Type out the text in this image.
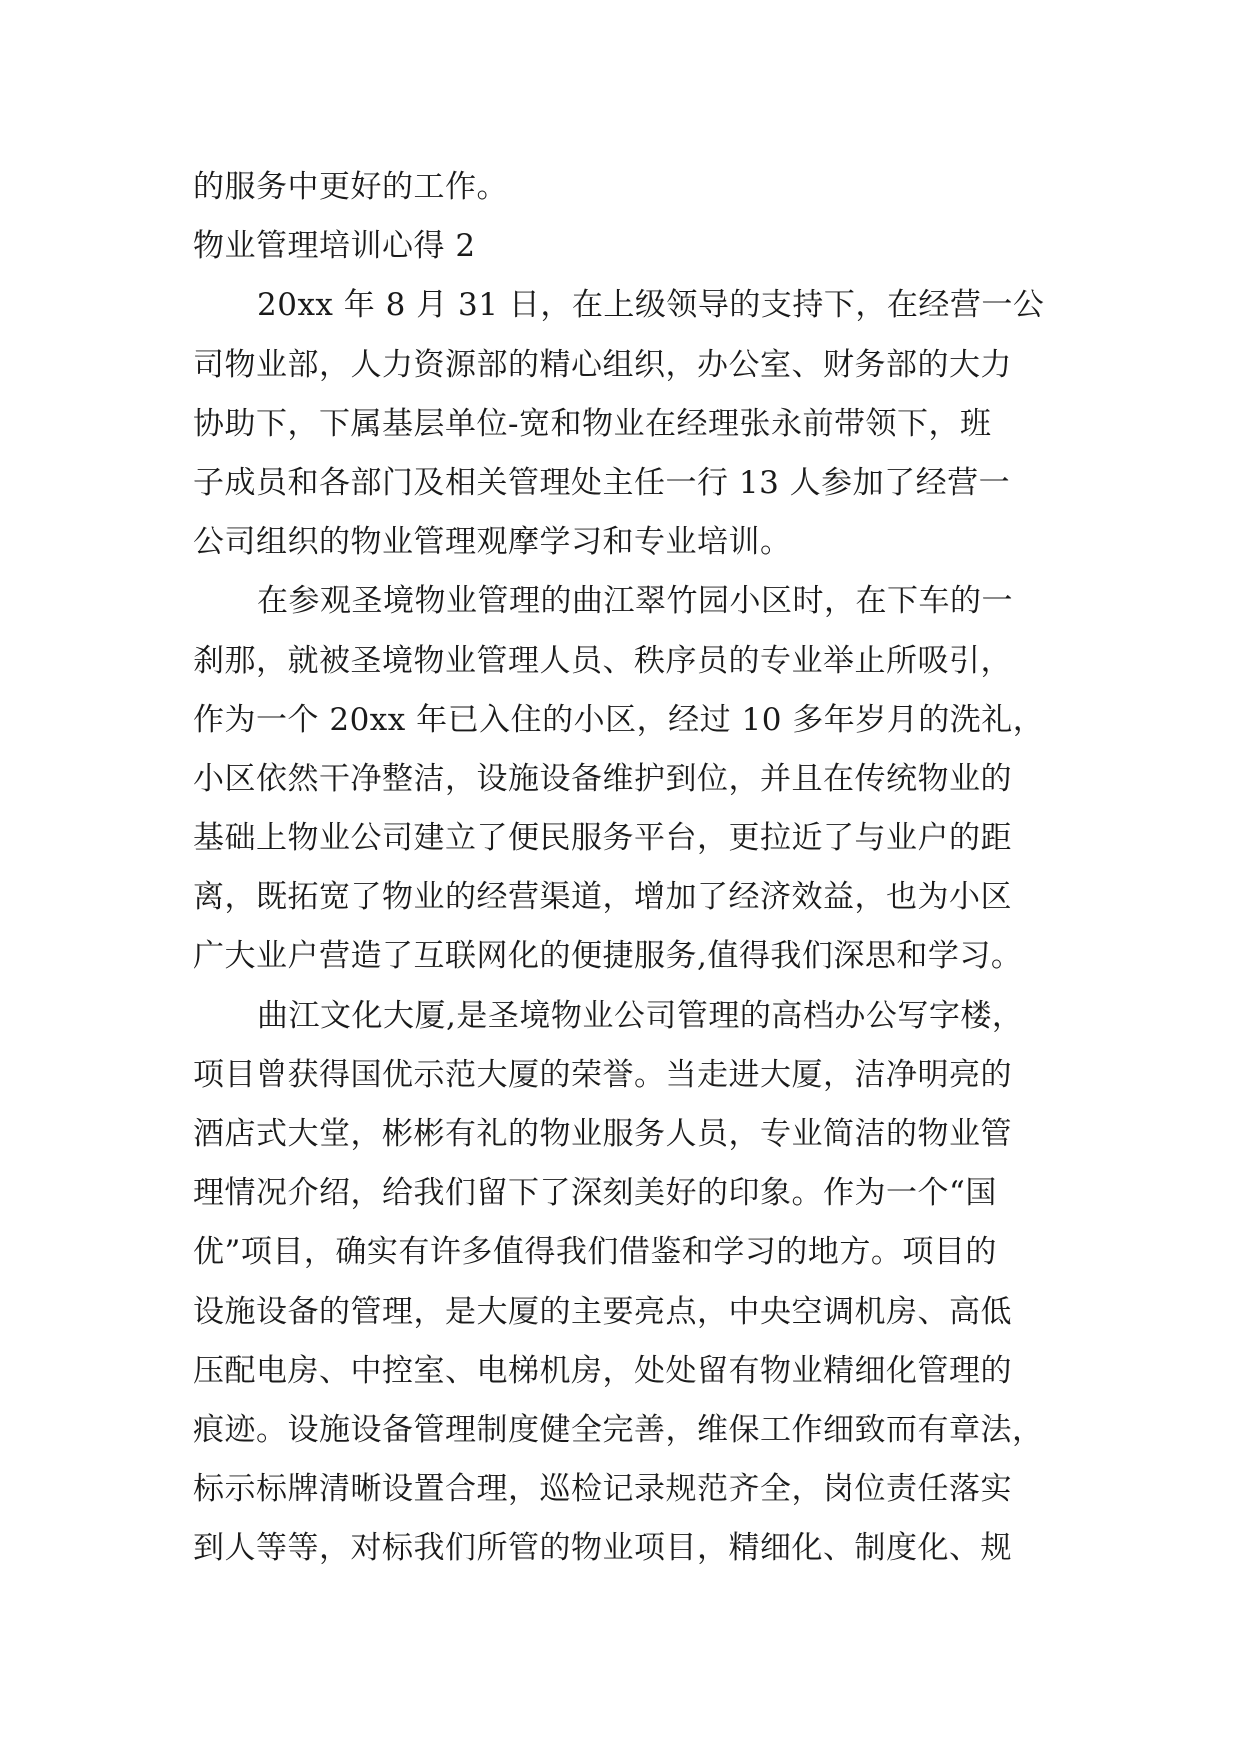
的服务中更好的工作。
物业管理培训心得 2
20xx 年 8 月 31 日，在上级领导的支持下，在经营一公
司物业部，人力资源部的精心组织，办公室、财务部的大力
协助下，下属基层单位-宽和物业在经理张永前带领下，班
子成员和各部门及相关管理处主任一行 13 人参加了经营一
公司组织的物业管理观摩学习和专业培训。
在参观圣境物业管理的曲江翠竹园小区时，在下车的一
刹那，就被圣境物业管理人员、秩序员的专业举止所吸引，
作为一个 20xx 年已入住的小区，经过 10 多年岁月的洗礼，
小区依然干净整洁，设施设备维护到位，并且在传统物业的
基础上物业公司建立了便民服务平台，更拉近了与业户的距
离，既拓宽了物业的经营渠道，增加了经济效益，也为小区
广大业户营造了互联网化的便捷服务,值得我们深思和学习。
曲江文化大厦,是圣境物业公司管理的高档办公写字楼，
项目曾获得国优示范大厦的荣誉。当走进大厦，洁净明亮的
酒店式大堂，彬彬有礼的物业服务人员，专业简洁的物业管
理情况介绍，给我们留下了深刻美好的印象。作为一个“国
优”项目，确实有许多值得我们借鉴和学习的地方。项目的
设施设备的管理，是大厦的主要亮点，中央空调机房、高低
压配电房、中控室、电梯机房，处处留有物业精细化管理的
痕迹。设施设备管理制度健全完善，维保工作细致而有章法，
标示标牌清晰设置合理，巡检记录规范齐全，岗位责任落实
到人等等，对标我们所管的物业项目，精细化、制度化、规
